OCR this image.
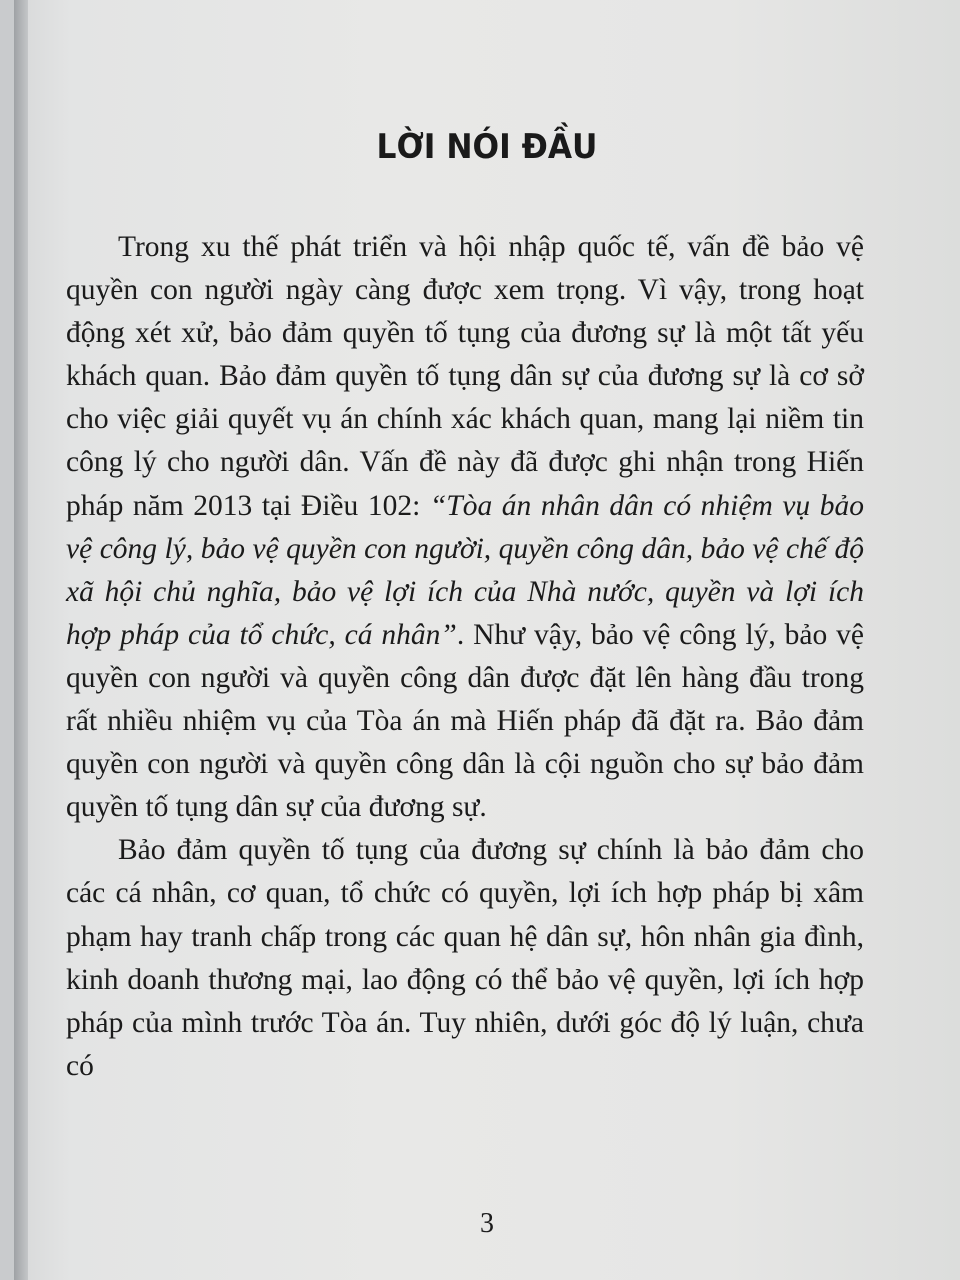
LỜI NÓI ĐẦU

Trong xu thế phát triển và hội nhập quốc tế, vấn đề bảo vệ quyền con người ngày càng được xem trọng. Vì vậy, trong hoạt động xét xử, bảo đảm quyền tố tụng của đương sự là một tất yếu khách quan. Bảo đảm quyền tố tụng dân sự của đương sự là cơ sở cho việc giải quyết vụ án chính xác khách quan, mang lại niềm tin công lý cho người dân. Vấn đề này đã được ghi nhận trong Hiến pháp năm 2013 tại Điều 102: “Tòa án nhân dân có nhiệm vụ bảo vệ công lý, bảo vệ quyền con người, quyền công dân, bảo vệ chế độ xã hội chủ nghĩa, bảo vệ lợi ích của Nhà nước, quyền và lợi ích hợp pháp của tổ chức, cá nhân”. Như vậy, bảo vệ công lý, bảo vệ quyền con người và quyền công dân được đặt lên hàng đầu trong rất nhiều nhiệm vụ của Tòa án mà Hiến pháp đã đặt ra. Bảo đảm quyền con người và quyền công dân là cội nguồn cho sự bảo đảm quyền tố tụng dân sự của đương sự.

Bảo đảm quyền tố tụng của đương sự chính là bảo đảm cho các cá nhân, cơ quan, tổ chức có quyền, lợi ích hợp pháp bị xâm phạm hay tranh chấp trong các quan hệ dân sự, hôn nhân gia đình, kinh doanh thương mại, lao động có thể bảo vệ quyền, lợi ích hợp pháp của mình trước Tòa án. Tuy nhiên, dưới góc độ lý luận, chưa có

3
